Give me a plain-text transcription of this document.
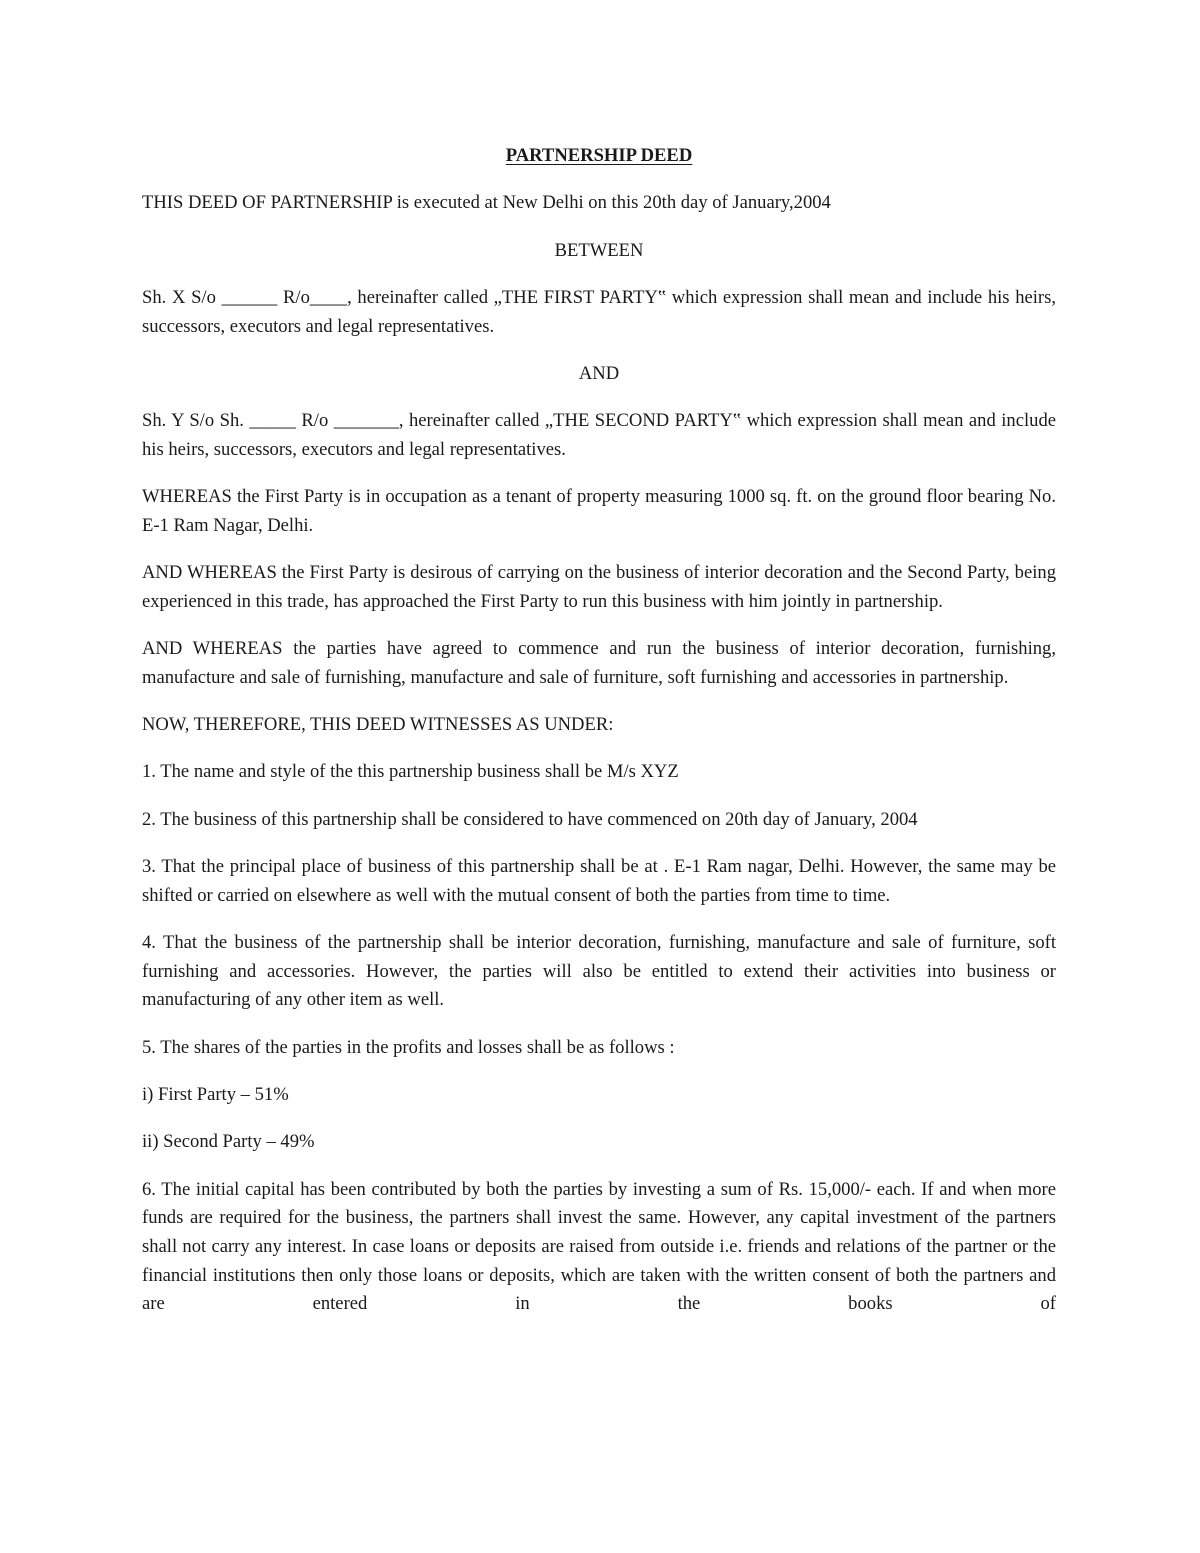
PARTNERSHIP DEED

THIS DEED OF PARTNERSHIP is executed at New Delhi on this 20th day of January,2004

BETWEEN

Sh. X S/o ______ R/o____, hereinafter called „THE FIRST PARTY‟ which expression shall mean and include his heirs, successors, executors and legal representatives.

AND

Sh. Y S/o Sh. _____ R/o _______, hereinafter called „THE SECOND PARTY‟ which expression shall mean and include his heirs, successors, executors and legal representatives.

WHEREAS the First Party is in occupation as a tenant of property measuring 1000 sq. ft. on the ground floor bearing No. E-1 Ram Nagar, Delhi.

AND WHEREAS the First Party is desirous of carrying on the business of interior decoration and the Second Party, being experienced in this trade, has approached the First Party to run this business with him jointly in partnership.

AND WHEREAS the parties have agreed to commence and run the business of interior decoration, furnishing, manufacture and sale of furnishing, manufacture and sale of furniture, soft furnishing and accessories in partnership.

NOW, THEREFORE, THIS DEED WITNESSES AS UNDER:

1. The name and style of the this partnership business shall be M/s XYZ

2. The business of this partnership shall be considered to have commenced on 20th day of January, 2004

3. That the principal place of business of this partnership shall be at . E-1 Ram nagar, Delhi. However, the same may be shifted or carried on elsewhere as well with the mutual consent of both the parties from time to time.

4. That the business of the partnership shall be interior decoration, furnishing, manufacture and sale of furniture, soft furnishing and accessories. However, the parties will also be entitled to extend their activities into business or manufacturing of any other item as well.

5. The shares of the parties in the profits and losses shall be as follows :

i) First Party – 51%

ii) Second Party – 49%

6. The initial capital has been contributed by both the parties by investing a sum of Rs. 15,000/- each. If and when more funds are required for the business, the partners shall invest the same. However, any capital investment of the partners shall not carry any interest. In case loans or deposits are raised from outside i.e. friends and relations of the partner or the financial institutions then only those loans or deposits, which are taken with the written consent of both the partners and are entered in the books of
